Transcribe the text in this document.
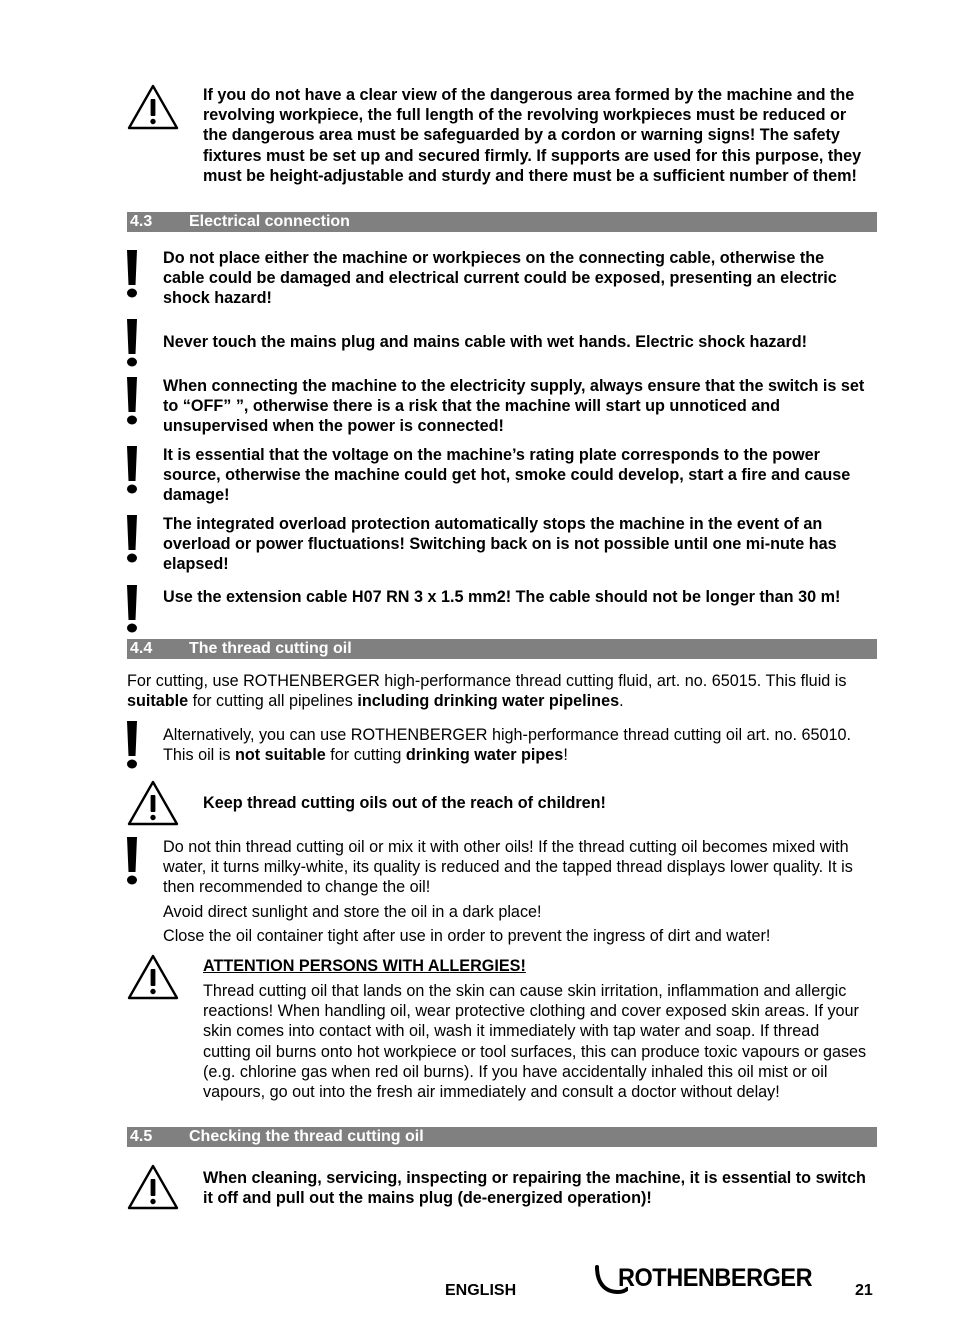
If you do not have a clear view of the dangerous area formed by the machine and the revolving workpiece, the full length of the revolving workpieces must be reduced or the dangerous area must be safeguarded by a cordon or warning signs! The safety fixtures must be set up and secured firmly. If supports are used for this purpose, they must be height-adjustable and sturdy and there must be a sufficient number of them!

4.3 Electrical connection

Do not place either the machine or workpieces on the connecting cable, otherwise the cable could be damaged and electrical current could be exposed, presenting an electric shock hazard!

Never touch the mains plug and mains cable with wet hands. Electric shock hazard!

When connecting the machine to the electricity supply, always ensure that the switch is set to “OFF” ”, otherwise there is a risk that the machine will start up unnoticed and unsupervised when the power is connected!

It is essential that the voltage on the machine’s rating plate corresponds to the power source, otherwise the machine could get hot, smoke could develop, start a fire and cause damage!

The integrated overload protection automatically stops the machine in the event of an overload or power fluctuations! Switching back on is not possible until one mi-nute has elapsed!

Use the extension cable H07 RN 3 x 1.5 mm2! The cable should not be longer than 30 m!

4.4 The thread cutting oil

For cutting, use ROTHENBERGER high-performance thread cutting fluid, art. no. 65015. This fluid is suitable for cutting all pipelines including drinking water pipelines.

Alternatively, you can use ROTHENBERGER high-performance thread cutting oil art. no. 65010. This oil is not suitable for cutting drinking water pipes!

Keep thread cutting oils out of the reach of children!

Do not thin thread cutting oil or mix it with other oils! If the thread cutting oil becomes mixed with water, it turns milky-white, its quality is reduced and the tapped thread displays lower quality. It is then recommended to change the oil!

Avoid direct sunlight and store the oil in a dark place!

Close the oil container tight after use in order to prevent the ingress of dirt and water!

ATTENTION PERSONS WITH ALLERGIES!

Thread cutting oil that lands on the skin can cause skin irritation, inflammation and allergic reactions! When handling oil, wear protective clothing and cover exposed skin areas. If your skin comes into contact with oil, wash it immediately with tap water and soap. If thread cutting oil burns onto hot workpiece or tool surfaces, this can produce toxic vapours or gases (e.g. chlorine gas when red oil burns). If you have accidentally inhaled this oil mist or oil vapours, go out into the fresh air immediately and consult a doctor without delay!

4.5 Checking the thread cutting oil

When cleaning, servicing, inspecting or repairing the machine, it is essential to switch it off and pull out the mains plug (de-energized operation)!

ENGLISH	ROTHENBERGER	21
